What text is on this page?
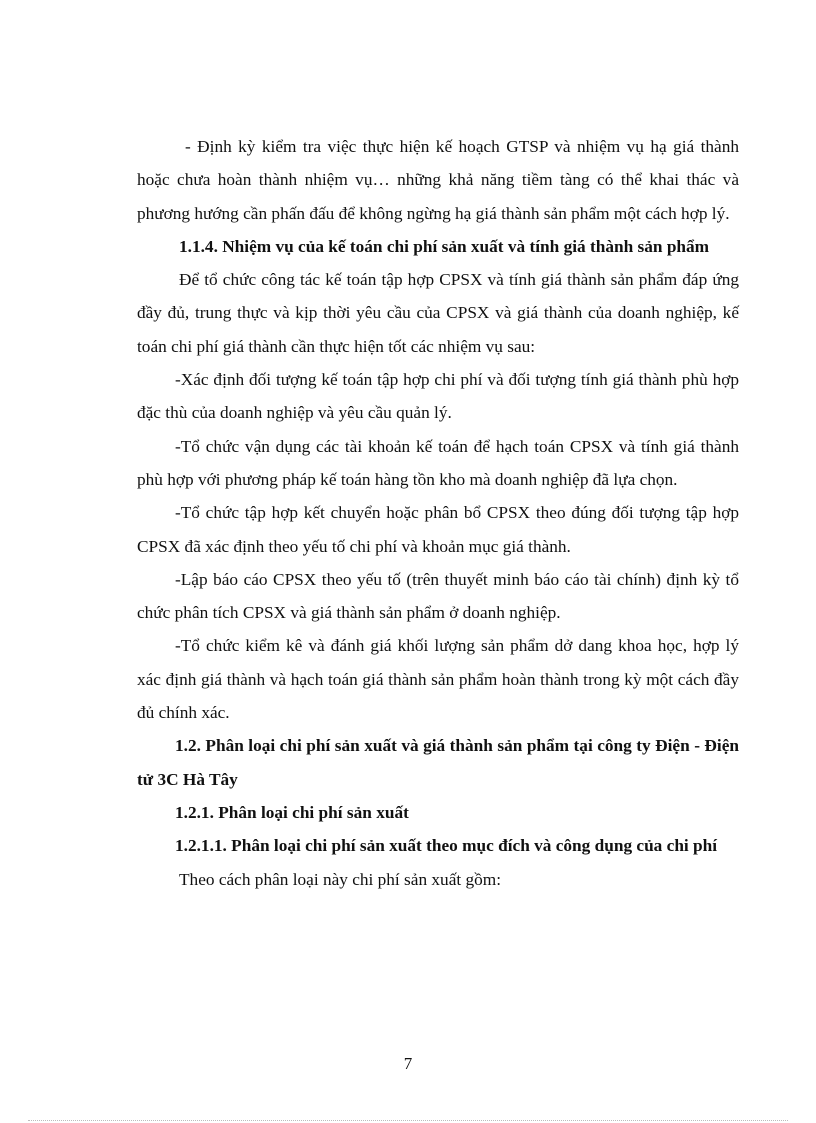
- Định kỳ kiểm tra việc thực hiện kế hoạch GTSP và nhiệm vụ hạ giá thành hoặc chưa hoàn thành nhiệm vụ… những khả năng tiềm tàng có thể khai thác và phương hướng cần phấn đấu để không ngừng hạ giá thành sản phẩm một cách hợp lý.

1.1.4. Nhiệm vụ của kế toán chi phí sản xuất và tính giá thành sản phẩm

Để tổ chức công tác kế toán tập hợp CPSX và tính giá thành sản phẩm đáp ứng đầy đủ, trung thực và kịp thời yêu cầu của CPSX và giá thành của doanh nghiệp, kế toán chi phí giá thành cần thực hiện tốt các nhiệm vụ sau:

-Xác định đối tượng kế toán tập hợp chi phí và đối tượng tính giá thành phù hợp đặc thù của doanh nghiệp và yêu cầu quản lý.

-Tổ chức vận dụng các tài khoản kế toán để hạch toán CPSX và tính giá thành phù hợp với phương pháp kế toán hàng tồn kho mà doanh nghiệp đã lựa chọn.

-Tổ chức tập hợp kết chuyển hoặc phân bổ CPSX theo đúng đối tượng tập hợp CPSX đã xác định theo yếu tố chi phí và khoản mục giá thành.

-Lập báo cáo CPSX theo yếu tố (trên thuyết minh báo cáo tài chính) định kỳ tổ chức phân tích CPSX và giá thành sản phẩm ở doanh nghiệp.

-Tổ chức kiểm kê và đánh giá khối lượng sản phẩm dở dang khoa học, hợp lý xác định giá thành và hạch toán giá thành sản phẩm hoàn thành trong kỳ một cách đầy đủ chính xác.

1.2. Phân loại chi phí sản xuất và giá thành sản phẩm tại công ty Điện - Điện tử 3C Hà Tây

1.2.1. Phân loại chi phí sản xuất

1.2.1.1. Phân loại chi phí sản xuất theo mục đích và công dụng của chi phí

Theo cách phân loại này chi phí sản xuất gồm:

7
